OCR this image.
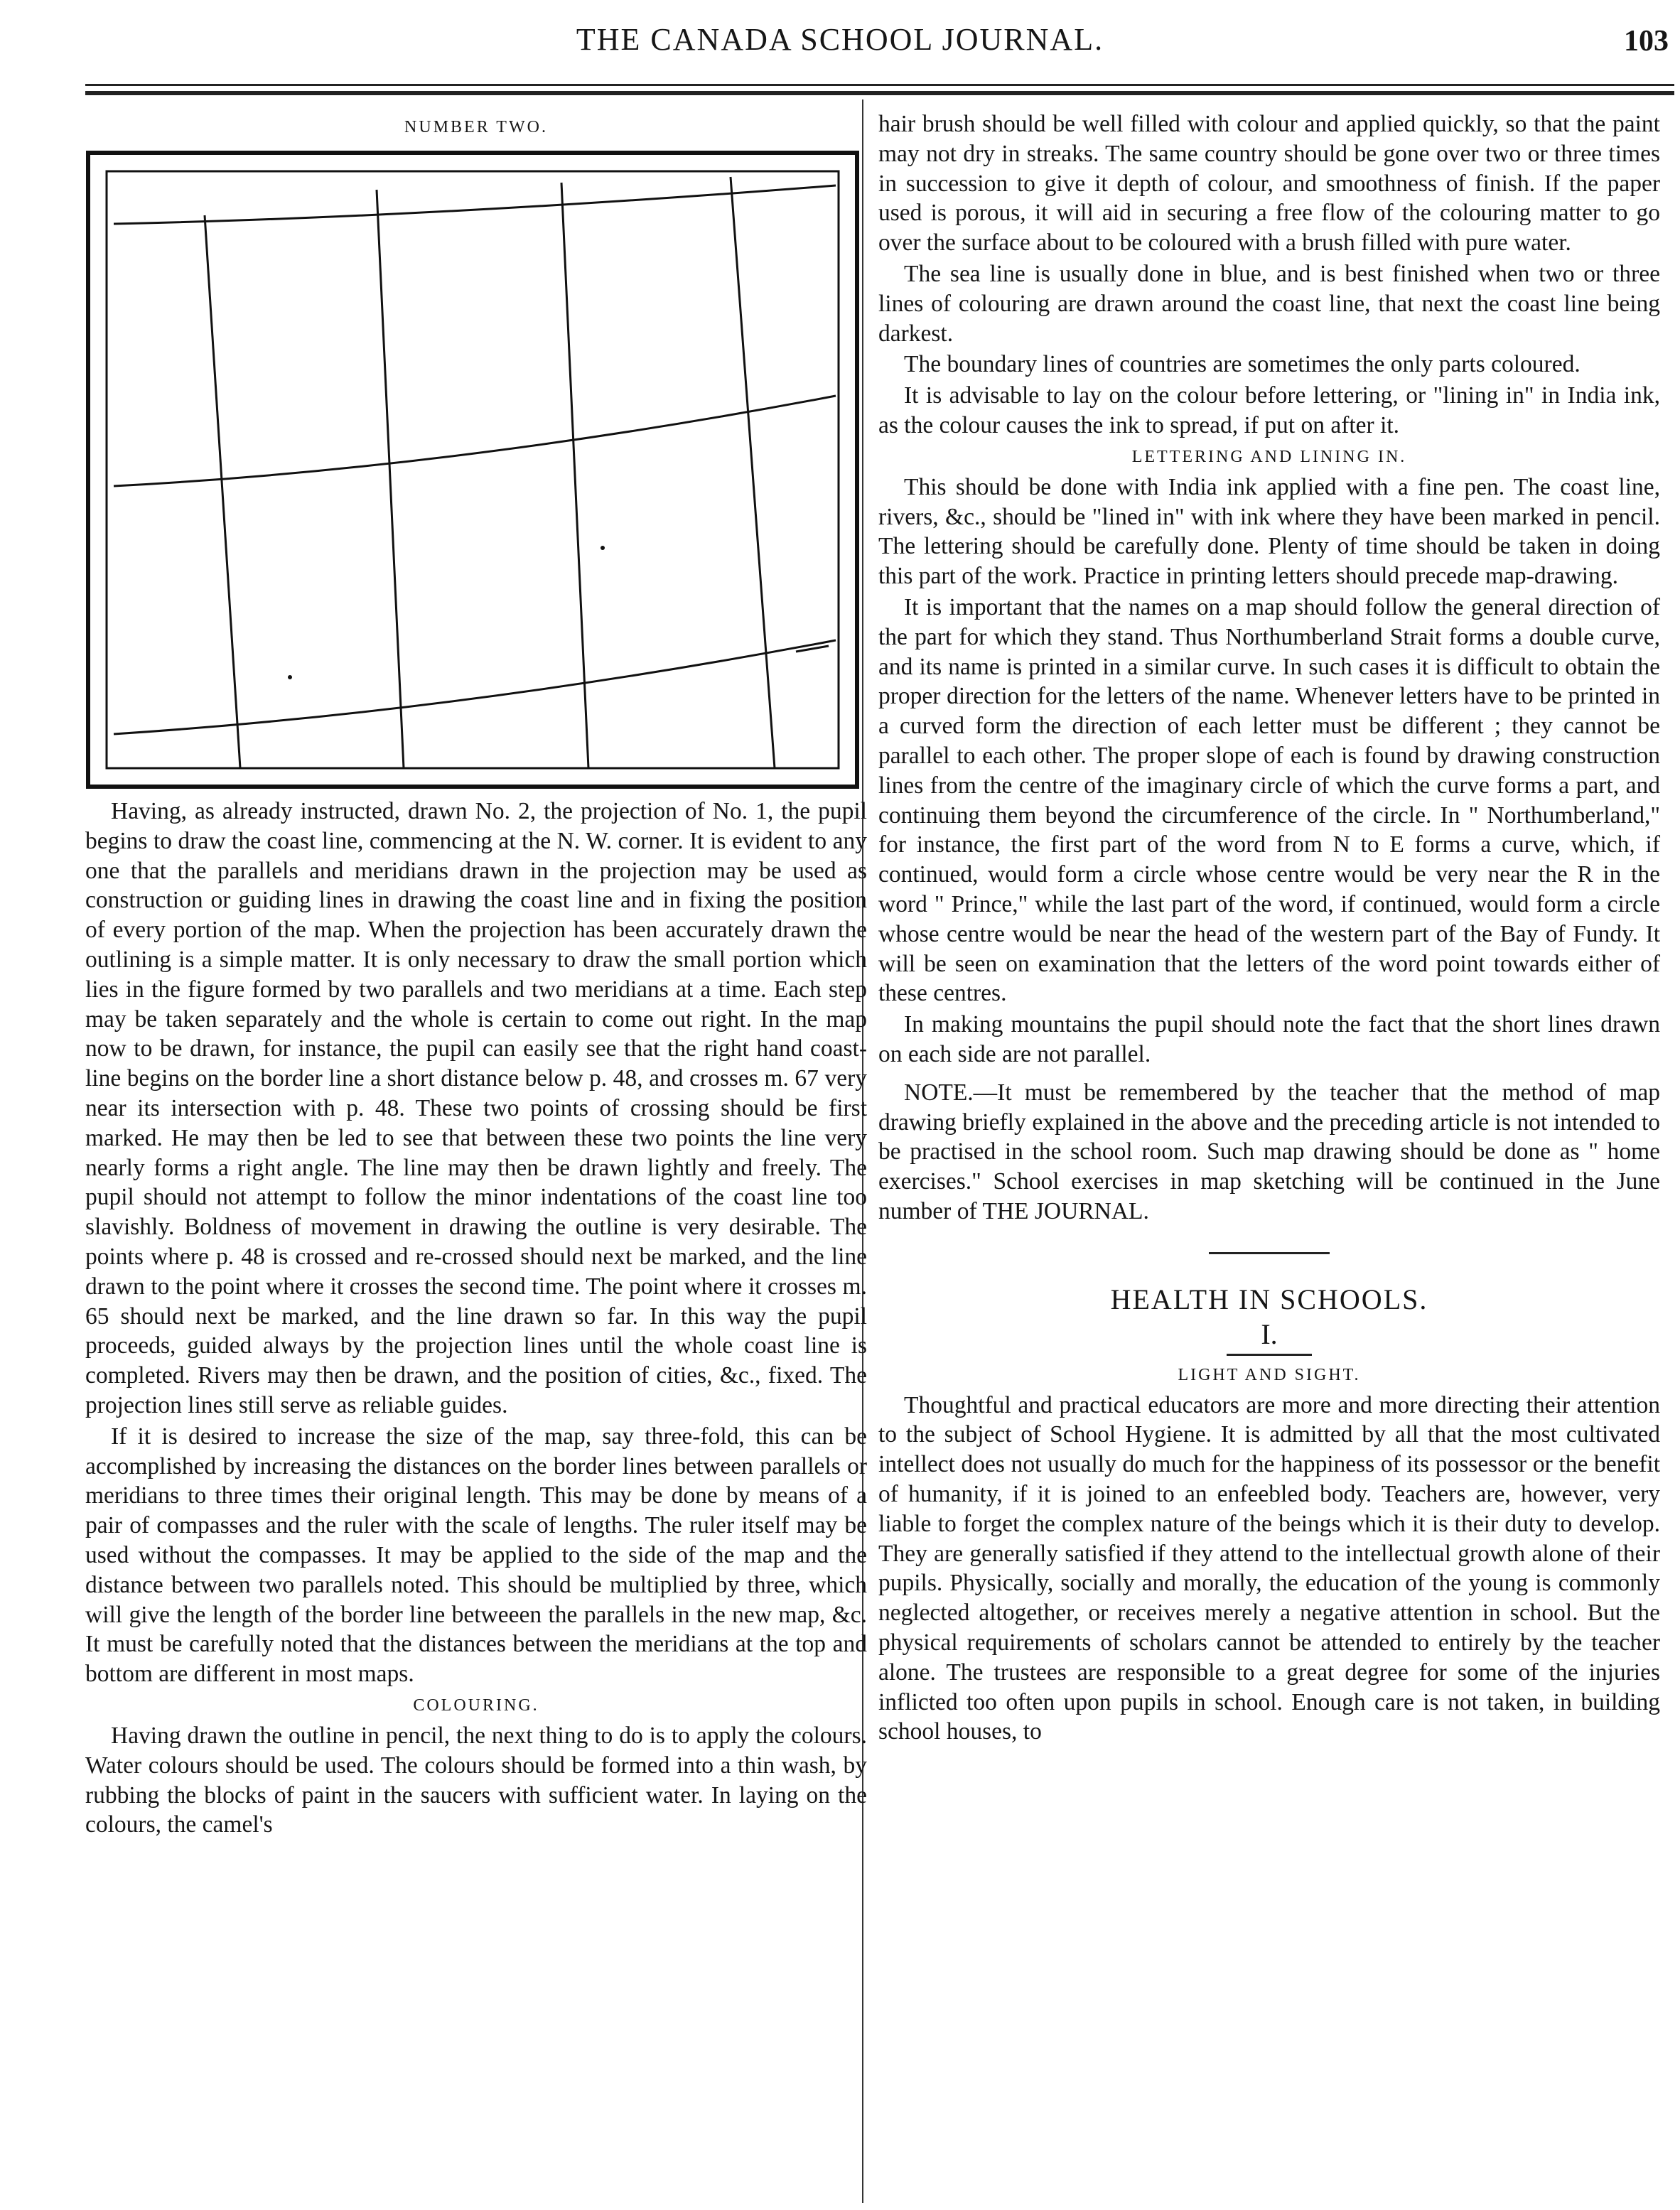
THE CANADA SCHOOL JOURNAL.	103
NUMBER TWO.

Having, as already instructed, drawn No. 2, the projection of No. 1, the pupil begins to draw the coast line, commencing at the N. W. corner. It is evident to any one that the parallels and meridians drawn in the projection may be used as construction or guiding lines in drawing the coast line and in fixing the position of every portion of the map. When the projection has been accurately drawn the outlining is a simple matter. It is only necessary to draw the small portion which lies in the figure formed by two parallels and two meridians at a time. Each step may be taken separately and the whole is certain to come out right. In the map now to be drawn, for instance, the pupil can easily see that the right hand coast-line begins on the border line a short distance below p. 48, and crosses m. 67 very near its intersection with p. 48. These two points of crossing should be first marked. He may then be led to see that between these two points the line very nearly forms a right angle. The line may then be drawn lightly and freely. The pupil should not attempt to follow the minor indentations of the coast line too slavishly. Boldness of movement in drawing the outline is very desirable. The points where p. 48 is crossed and re-crossed should next be marked, and the line drawn to the point where it crosses the second time. The point where it crosses m. 65 should next be marked, and the line drawn so far. In this way the pupil proceeds, guided always by the projection lines until the whole coast line is completed. Rivers may then be drawn, and the position of cities, &c., fixed. The projection lines still serve as reliable guides.

If it is desired to increase the size of the map, say three-fold, this can be accomplished by increasing the distances on the border lines between parallels or meridians to three times their original length. This may be done by means of a pair of compasses and the ruler with the scale of lengths. The ruler itself may be used without the compasses. It may be applied to the side of the map and the distance between two parallels noted. This should be multiplied by three, which will give the length of the border line betweeen the parallels in the new map, &c. It must be carefully noted that the distances between the meridians at the top and bottom are different in most maps.

COLOURING.

Having drawn the outline in pencil, the next thing to do is to apply the colours. Water colours should be used. The colours should be formed into a thin wash, by rubbing the blocks of paint in the saucers with sufficient water. In laying on the colours, the camel's

hair brush should be well filled with colour and applied quickly, so that the paint may not dry in streaks. The same country should be gone over two or three times in succession to give it depth of colour, and smoothness of finish. If the paper used is porous, it will aid in securing a free flow of the colouring matter to go over the surface about to be coloured with a brush filled with pure water.

The sea line is usually done in blue, and is best finished when two or three lines of colouring are drawn around the coast line, that next the coast line being darkest.

The boundary lines of countries are sometimes the only parts coloured.

It is advisable to lay on the colour before lettering, or "lining in" in India ink, as the colour causes the ink to spread, if put on after it.

LETTERING AND LINING IN.

This should be done with India ink applied with a fine pen. The coast line, rivers, &c., should be "lined in" with ink where they have been marked in pencil. The lettering should be carefully done. Plenty of time should be taken in doing this part of the work. Practice in printing letters should precede map-drawing.

It is important that the names on a map should follow the general direction of the part for which they stand. Thus Northumberland Strait forms a double curve, and its name is printed in a similar curve. In such cases it is difficult to obtain the proper direction for the letters of the name. Whenever letters have to be printed in a curved form the direction of each letter must be different ; they cannot be parallel to each other. The proper slope of each is found by drawing construction lines from the centre of the imaginary circle of which the curve forms a part, and continuing them beyond the circumference of the circle. In " Northumberland," for instance, the first part of the word from N to E forms a curve, which, if continued, would form a circle whose centre would be very near the R in the word " Prince," while the last part of the word, if continued, would form a circle whose centre would be near the head of the western part of the Bay of Fundy. It will be seen on examination that the letters of the word point towards either of these centres.

In making mountains the pupil should note the fact that the short lines drawn on each side are not parallel.

NOTE.—It must be remembered by the teacher that the method of map drawing briefly explained in the above and the preceding article is not intended to be practised in the school room. Such map drawing should be done as " home exercises." School exercises in map sketching will be continued in the June number of THE JOURNAL.

HEALTH IN SCHOOLS.
I.
LIGHT AND SIGHT.

Thoughtful and practical educators are more and more directing their attention to the subject of School Hygiene. It is admitted by all that the most cultivated intellect does not usually do much for the happiness of its possessor or the benefit of humanity, if it is joined to an enfeebled body. Teachers are, however, very liable to forget the complex nature of the beings which it is their duty to develop. They are generally satisfied if they attend to the intellectual growth alone of their pupils. Physically, socially and morally, the education of the young is commonly neglected altogether, or receives merely a negative attention in school. But the physical requirements of scholars cannot be attended to entirely by the teacher alone. The trustees are responsible to a great degree for some of the injuries inflicted too often upon pupils in school. Enough care is not taken, in building school houses, to
